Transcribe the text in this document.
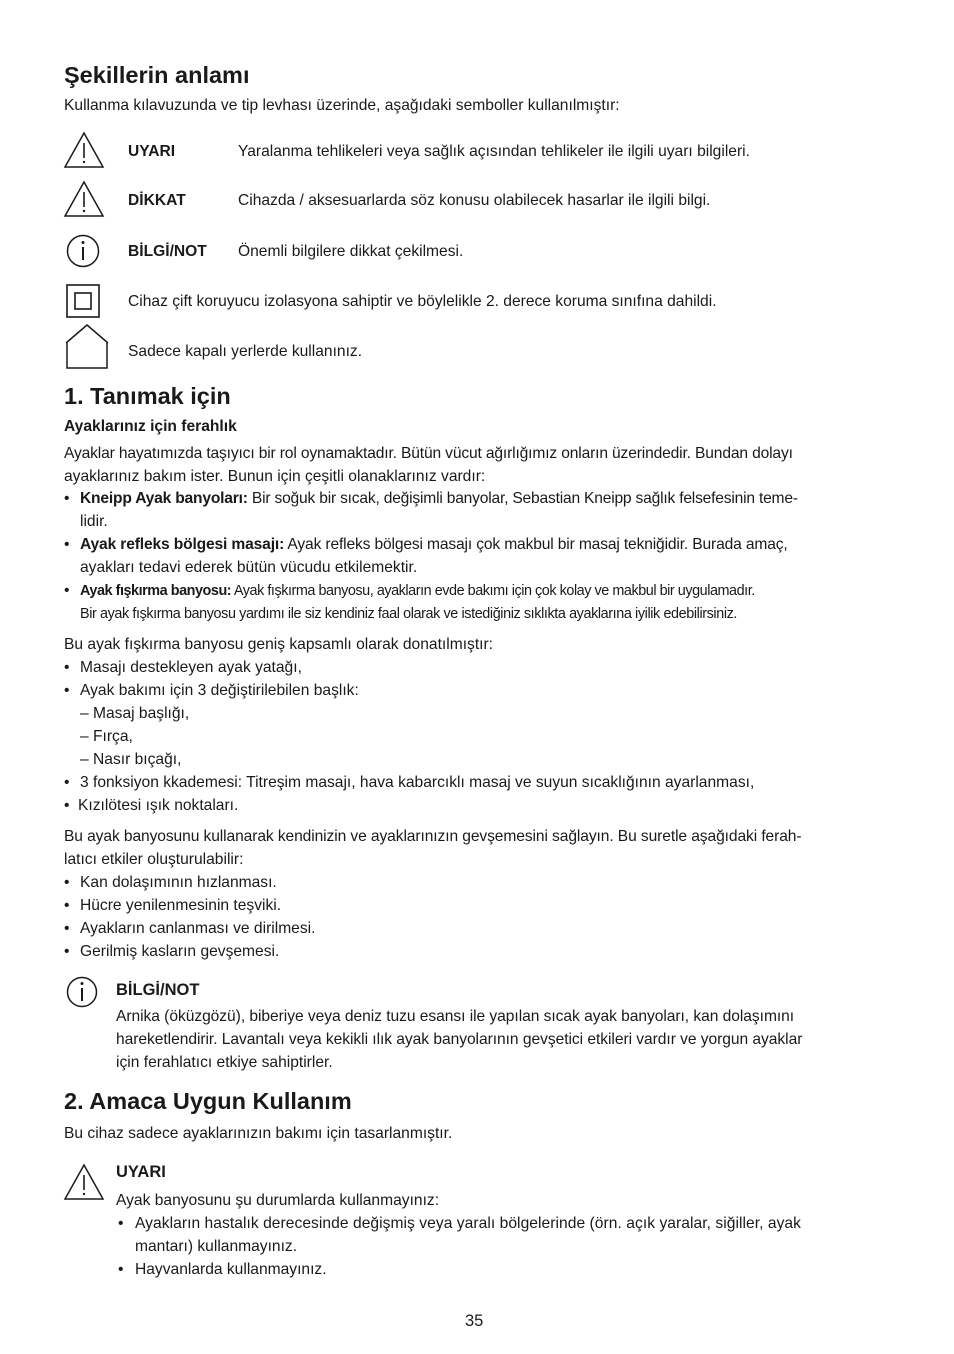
Şekillerin anlamı
Kullanma kılavuzunda ve tip levhası üzerinde, aşağıdaki semboller kullanılmıştır:
UYARI	Yaralanma tehlikeleri veya sağlık açısından tehlikeler ile ilgili uyarı bilgileri.
DİKKAT	Cihazda / aksesuarlarda söz konusu olabilecek hasarlar ile ilgili bilgi.
BİLGİ/NOT Önemli bilgilere dikkat çekilmesi.
Cihaz çift koruyucu izolasyona sahiptir ve böylelikle 2. derece koruma sınıfına dahildi.
Sadece kapalı yerlerde kullanınız.
1. Tanımak için
Ayaklarınız için ferahlık
Ayaklar hayatımızda taşıyıcı bir rol oynamaktadır. Bütün vücut ağırlığımız onların üzerindedir. Bundan dolayı
ayaklarınız bakım ister. Bunun için çeşitli olanaklarınız vardır:
• Kneipp Ayak banyoları: Bir soğuk bir sıcak, değişimli banyolar, Sebastian Kneipp sağlık felsefesinin teme-
lidir.
• Ayak refleks bölgesi masajı: Ayak refleks bölgesi masajı çok makbul bir masaj tekniğidir. Burada amaç,
ayakları tedavi ederek bütün vücudu etkilemektir.
• Ayak fışkırma banyosu: Ayak fışkırma banyosu, ayakların evde bakımı için çok kolay ve makbul bir uygulamadır.
Bir ayak fışkırma banyosu yardımı ile siz kendiniz faal olarak ve istediğiniz sıklıkta ayaklarına iyilik edebilirsiniz.
Bu ayak fışkırma banyosu geniş kapsamlı olarak donatılmıştır:
• Masajı destekleyen ayak yatağı,
• Ayak bakımı için 3 değiştirilebilen başlık:
– Masaj başlığı,
– Fırça,
– Nasır bıçağı,
• 3 fonksiyon kkademesi: Titreşim masajı, hava kabarcıklı masaj ve suyun sıcaklığının ayarlanması,
• Kızılötesi ışık noktaları.
Bu ayak banyosunu kullanarak kendinizin ve ayaklarınızın gevşemesini sağlayın. Bu suretle aşağıdaki ferah-
latıcı etkiler oluşturulabilir:
• Kan dolaşımının hızlanması.
• Hücre yenilenmesinin teşviki.
• Ayakların canlanması ve dirilmesi.
• Gerilmiş kasların gevşemesi.
BİLGİ/NOT
Arnika (öküzgözü), biberiye veya deniz tuzu esansı ile yapılan sıcak ayak banyoları, kan dolaşımını
hareketlendirir. Lavantalı veya kekikli ılık ayak banyolarının gevşetici etkileri vardır ve yorgun ayaklar
için ferahlatıcı etkiye sahiptirler.
2. Amaca Uygun Kullanım
Bu cihaz sadece ayaklarınızın bakımı için tasarlanmıştır.
UYARI
Ayak banyosunu şu durumlarda kullanmayınız:
• Ayakların hastalık derecesinde değişmiş veya yaralı bölgelerinde (örn. açık yaralar, siğiller, ayak
mantarı) kullanmayınız.
• Hayvanlarda kullanmayınız.
35
